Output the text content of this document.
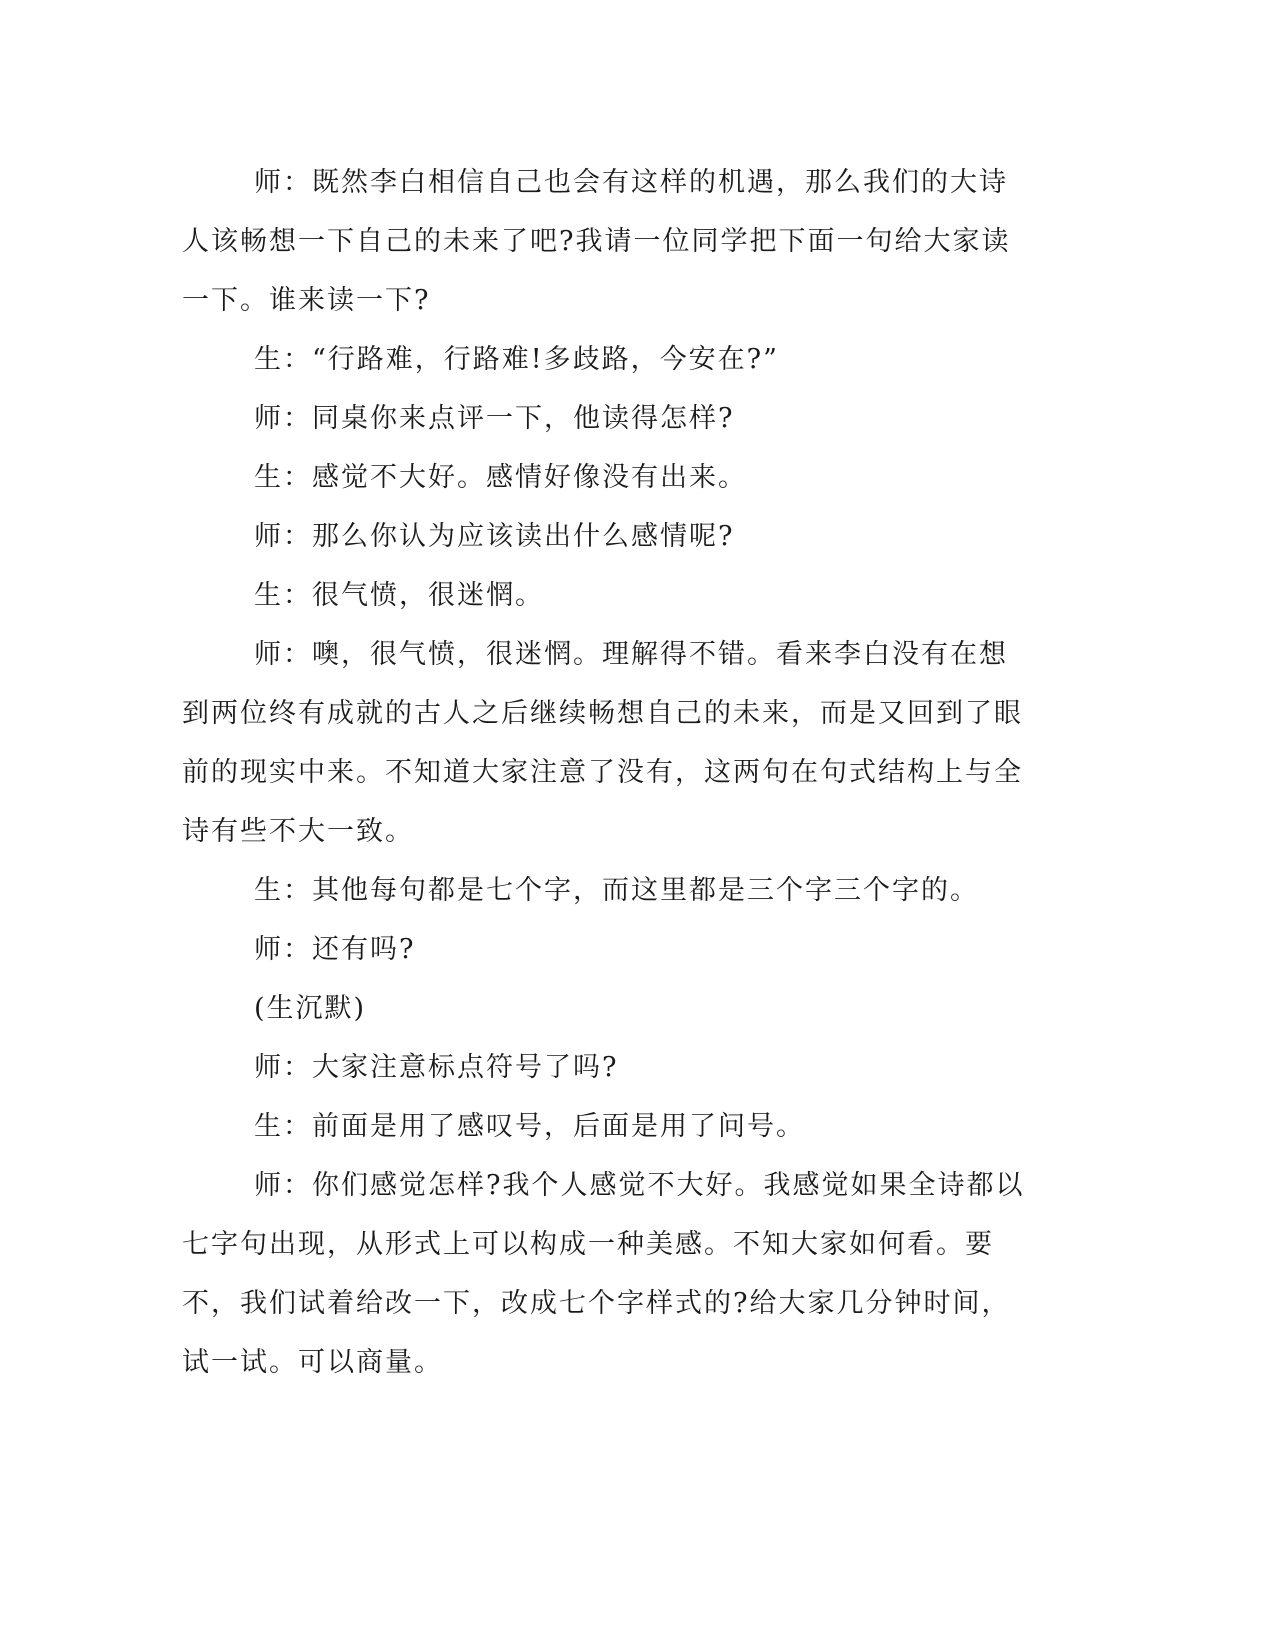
师：既然李白相信自己也会有这样的机遇，那么我们的大诗人该畅想一下自己的未来了吧?我请一位同学把下面一句给大家读一下。谁来读一下?

生：“行路难，行路难!多歧路，今安在?”

师：同桌你来点评一下，他读得怎样?

生：感觉不大好。感情好像没有出来。

师：那么你认为应该读出什么感情呢?

生：很气愤，很迷惘。

师：噢，很气愤，很迷惘。理解得不错。看来李白没有在想到两位终有成就的古人之后继续畅想自己的未来，而是又回到了眼前的现实中来。不知道大家注意了没有，这两句在句式结构上与全诗有些不大一致。

生：其他每句都是七个字，而这里都是三个字三个字的。

师：还有吗?

(生沉默)

师：大家注意标点符号了吗?

生：前面是用了感叹号，后面是用了问号。

师：你们感觉怎样?我个人感觉不大好。我感觉如果全诗都以七字句出现，从形式上可以构成一种美感。不知大家如何看。要不，我们试着给改一下，改成七个字样式的?给大家几分钟时间，试一试。可以商量。
